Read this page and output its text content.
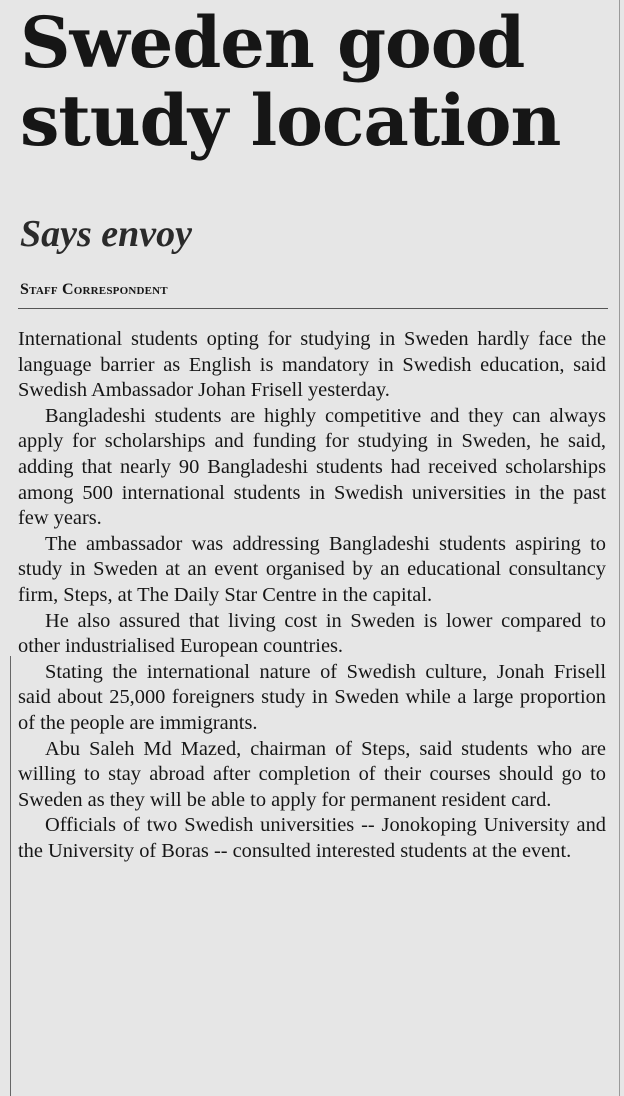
Sweden good
study location
Says envoy
Staff Correspondent

International students opting for studying in Sweden hardly face the language barrier as English is mandatory in Swedish education, said Swedish Ambassador Johan Frisell yesterday.

Bangladeshi students are highly competitive and they can always apply for scholarships and funding for studying in Sweden, he said, adding that nearly 90 Bangladeshi students had received scholarships among 500 international students in Swedish universities in the past few years.

The ambassador was addressing Bangladeshi students aspiring to study in Sweden at an event organised by an educational consultancy firm, Steps, at The Daily Star Centre in the capital.

He also assured that living cost in Sweden is lower compared to other industrialised European countries.

Stating the international nature of Swedish culture, Jonah Frisell said about 25,000 foreigners study in Sweden while a large proportion of the people are immigrants.

Abu Saleh Md Mazed, chairman of Steps, said students who are willing to stay abroad after completion of their courses should go to Sweden as they will be able to apply for permanent resident card.

Officials of two Swedish universities -- Jonokoping University and the University of Boras -- consulted interested students at the event.
